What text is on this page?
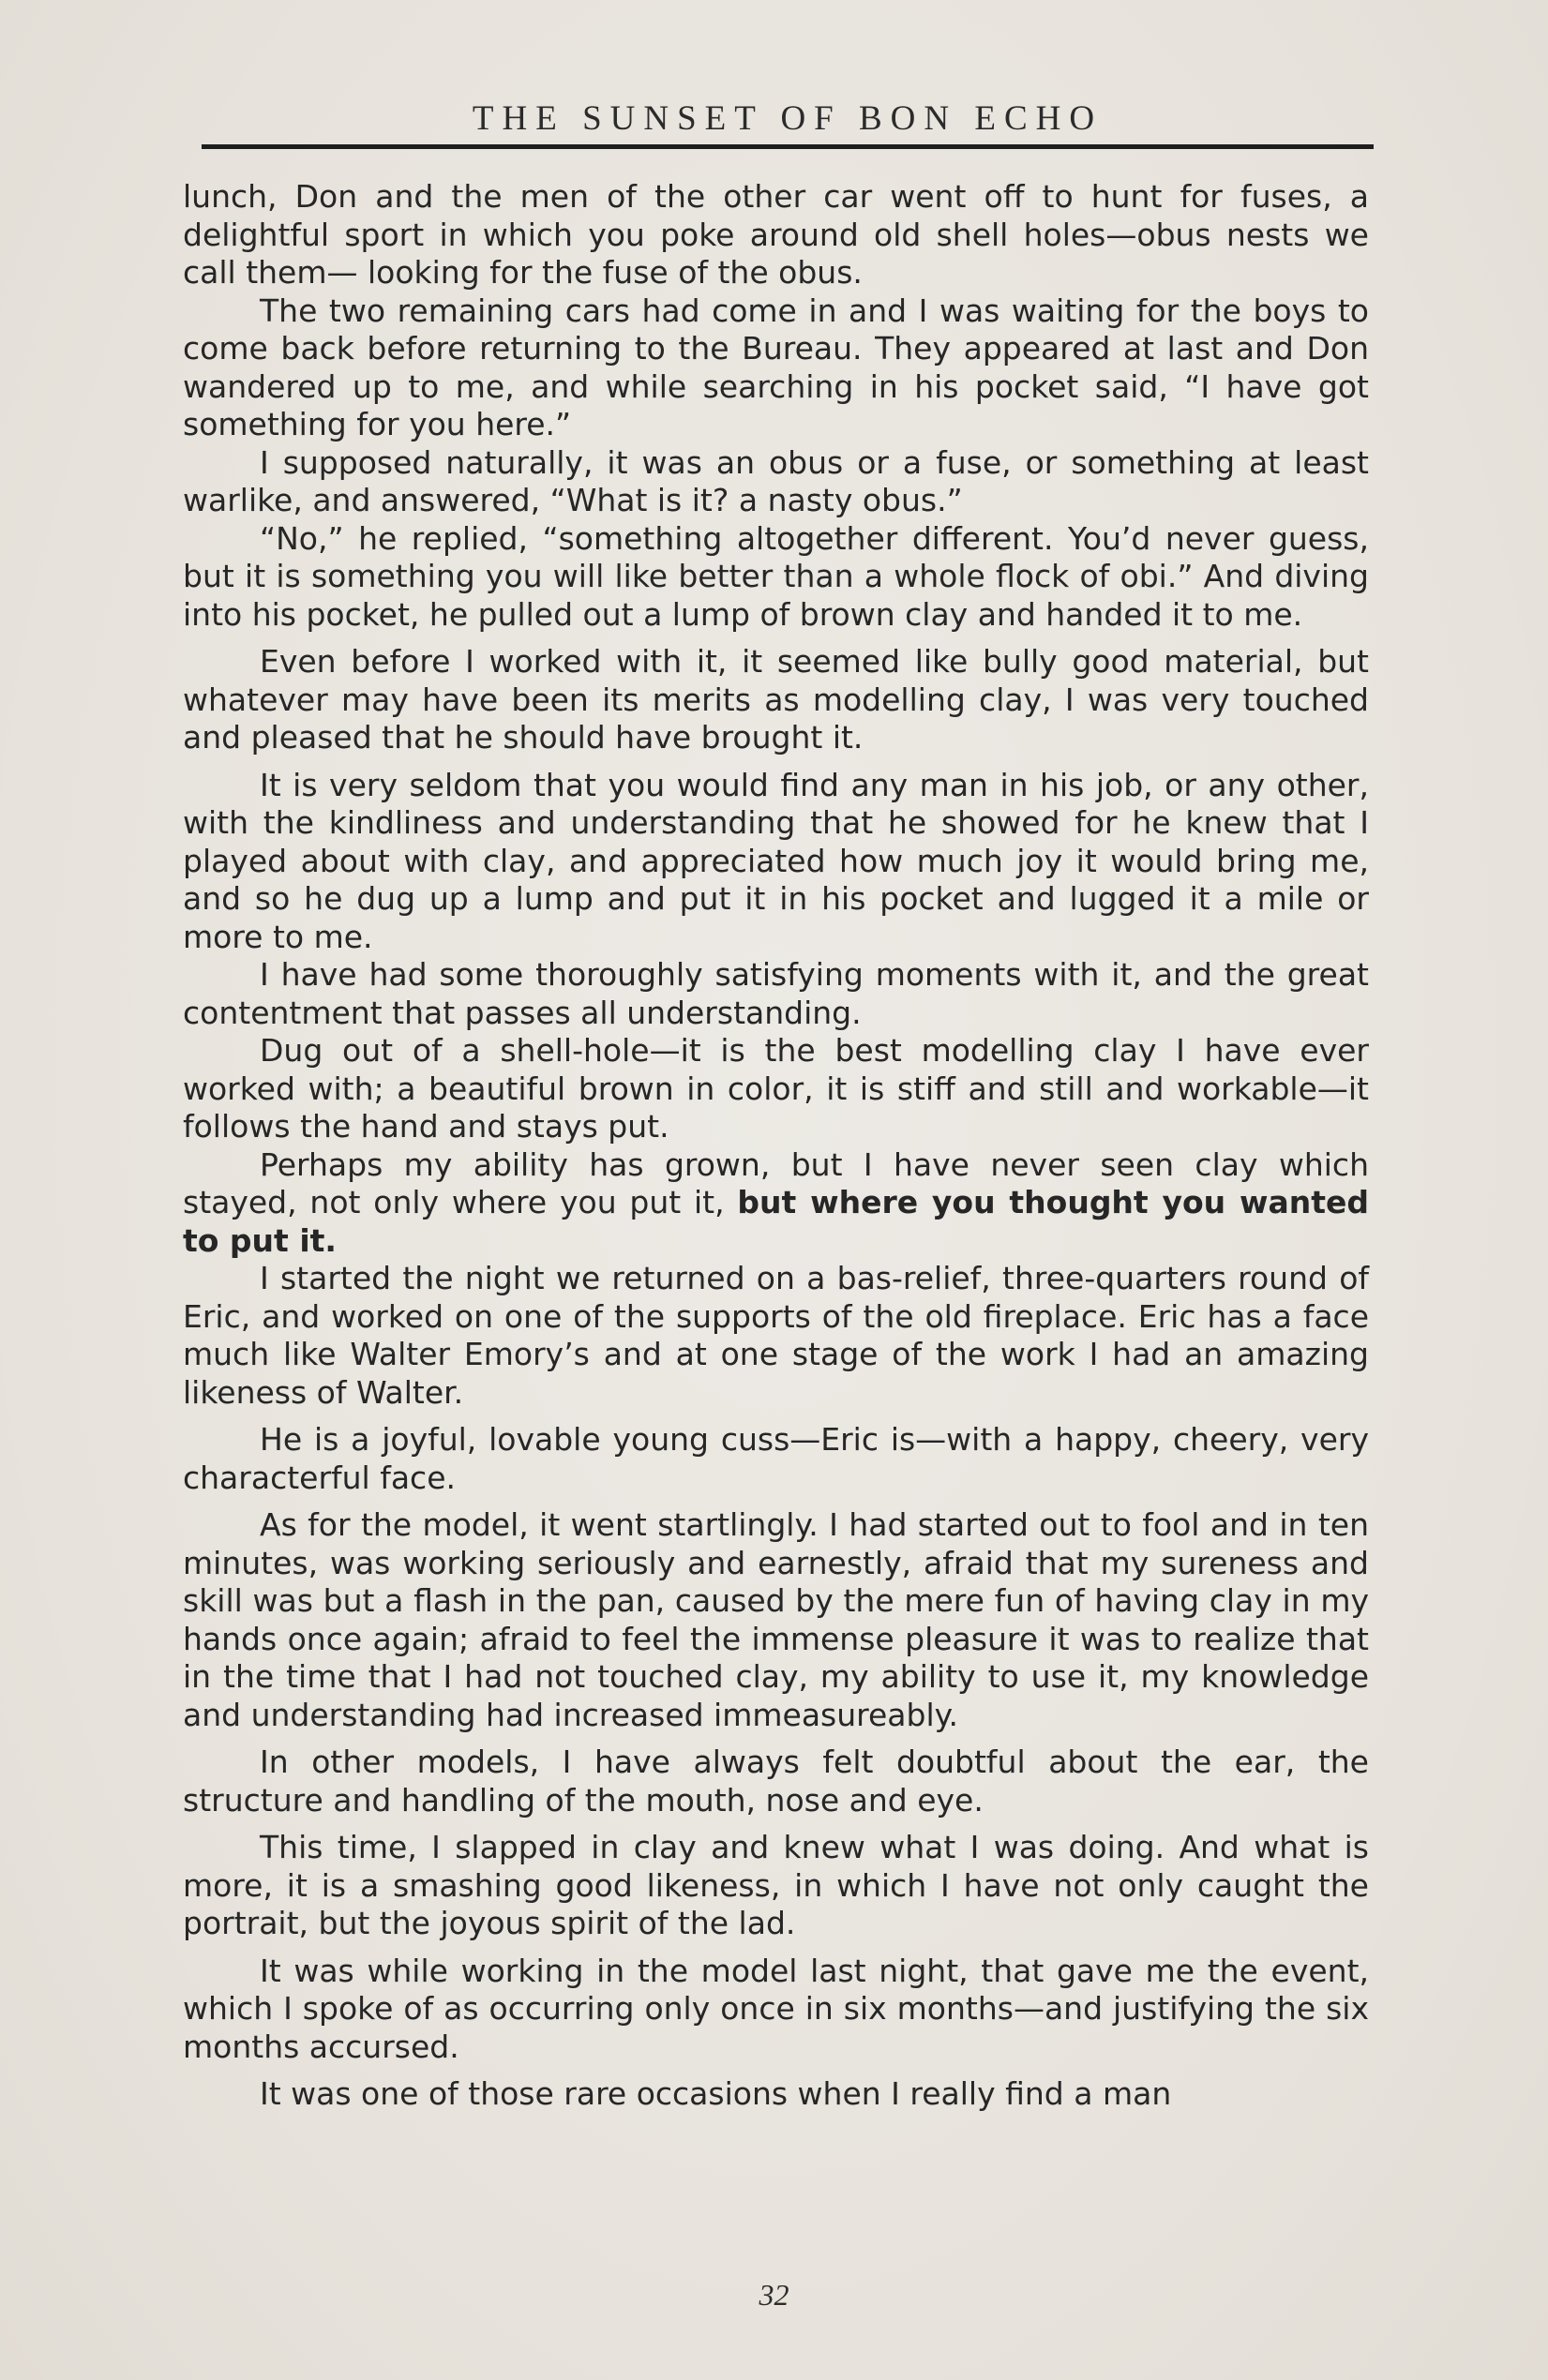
THE SUNSET OF BON ECHO

lunch, Don and the men of the other car went off to hunt for fuses, a delightful sport in which you poke around old shell holes—obus nests we call them— looking for the fuse of the obus.

The two remaining cars had come in and I was waiting for the boys to come back before returning to the Bureau. They appeared at last and Don wandered up to me, and while searching in his pocket said, “I have got something for you here.”

I supposed naturally, it was an obus or a fuse, or something at least warlike, and answered, “What is it? a nasty obus.”

“No,” he replied, “something altogether different. You’d never guess, but it is something you will like better than a whole flock of obi.” And diving into his pocket, he pulled out a lump of brown clay and handed it to me.

Even before I worked with it, it seemed like bully good material, but whatever may have been its merits as modelling clay, I was very touched and pleased that he should have brought it.

It is very seldom that you would find any man in his job, or any other, with the kindliness and understanding that he showed for he knew that I played about with clay, and appreciated how much joy it would bring me, and so he dug up a lump and put it in his pocket and lugged it a mile or more to me.

I have had some thoroughly satisfying moments with it, and the great contentment that passes all understanding.

Dug out of a shell-hole—it is the best modelling clay I have ever worked with; a beautiful brown in color, it is stiff and still and workable—it follows the hand and stays put.

Perhaps my ability has grown, but I have never seen clay which stayed, not only where you put it, but where you thought you wanted to put it.

I started the night we returned on a bas-relief, three-quarters round of Eric, and worked on one of the supports of the old fireplace. Eric has a face much like Walter Emory’s and at one stage of the work I had an amazing likeness of Walter.

He is a joyful, lovable young cuss—Eric is—with a happy, cheery, very characterful face.

As for the model, it went startlingly. I had started out to fool and in ten minutes, was working seriously and earnestly, afraid that my sureness and skill was but a flash in the pan, caused by the mere fun of having clay in my hands once again; afraid to feel the immense pleasure it was to realize that in the time that I had not touched clay, my ability to use it, my knowledge and understanding had increased immeasureably.

In other models, I have always felt doubtful about the ear, the structure and handling of the mouth, nose and eye.

This time, I slapped in clay and knew what I was doing. And what is more, it is a smashing good likeness, in which I have not only caught the portrait, but the joyous spirit of the lad.

It was while working in the model last night, that gave me the event, which I spoke of as occurring only once in six months—and justifying the six months accursed.

It was one of those rare occasions when I really find a man

32
